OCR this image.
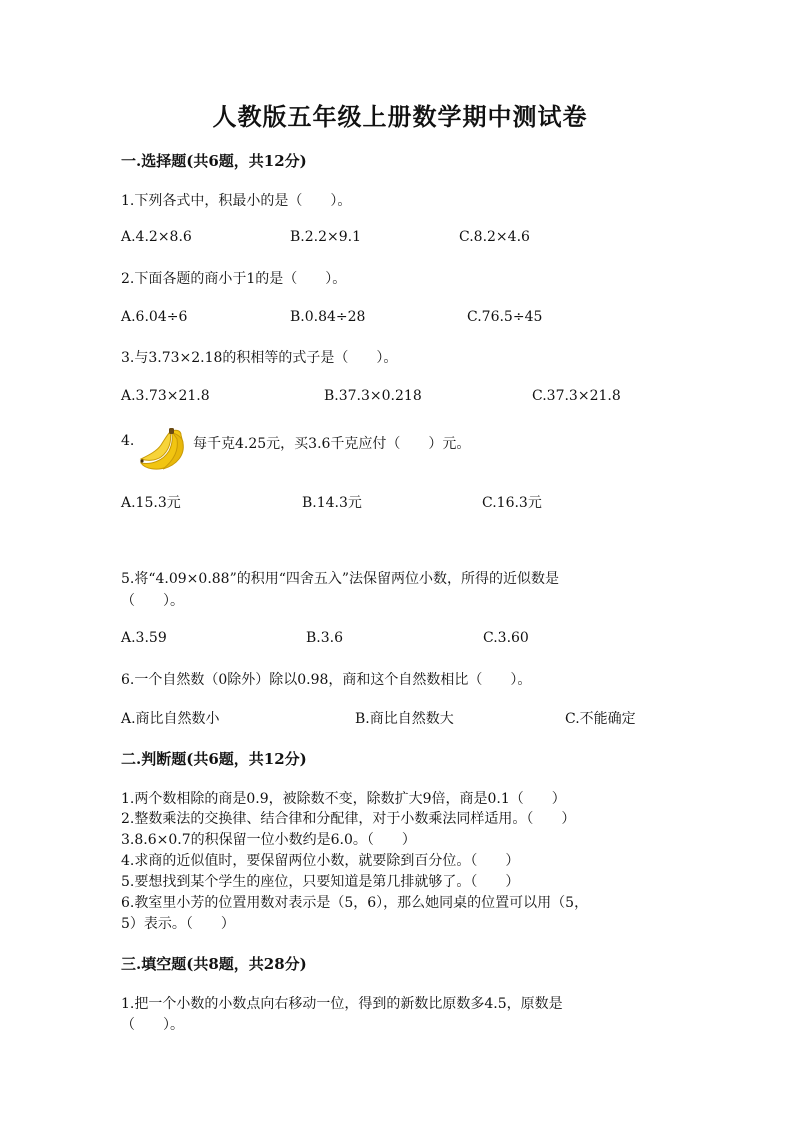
人教版五年级上册数学期中测试卷
一.选择题(共6题，共12分)
1.下列各式中，积最小的是（　　）。
A.4.2×8.6	B.2.2×9.1	C.8.2×4.6
2.下面各题的商小于1的是（　　）。
A.6.04÷6	B.0.84÷28	C.76.5÷45
3.与3.73×2.18的积相等的式子是（　　）。
A.3.73×21.8	B.37.3×0.218	C.37.3×21.8
4.	每千克4.25元，买3.6千克应付（　　）元。
A.15.3元	B.14.3元	C.16.3元
5.将“4.09×0.88”的积用“四舍五入”法保留两位小数，所得的近似数是
（　　）。
A.3.59	B.3.6	C.3.60
6.一个自然数（0除外）除以0.98，商和这个自然数相比（　　）。
A.商比自然数小	B.商比自然数大	C.不能确定
二.判断题(共6题，共12分)
1.两个数相除的商是0.9，被除数不变，除数扩大9倍，商是0.1（　　）
2.整数乘法的交换律、结合律和分配律，对于小数乘法同样适用。（　　）
3.8.6×0.7的积保留一位小数约是6.0。（　　）
4.求商的近似值时，要保留两位小数，就要除到百分位。（　　）
5.要想找到某个学生的座位，只要知道是第几排就够了。（　　）
6.教室里小芳的位置用数对表示是（5，6），那么她同桌的位置可以用（5，
5）表示。（　　）
三.填空题(共8题，共28分)
1.把一个小数的小数点向右移动一位，得到的新数比原数多4.5，原数是
（　　）。
